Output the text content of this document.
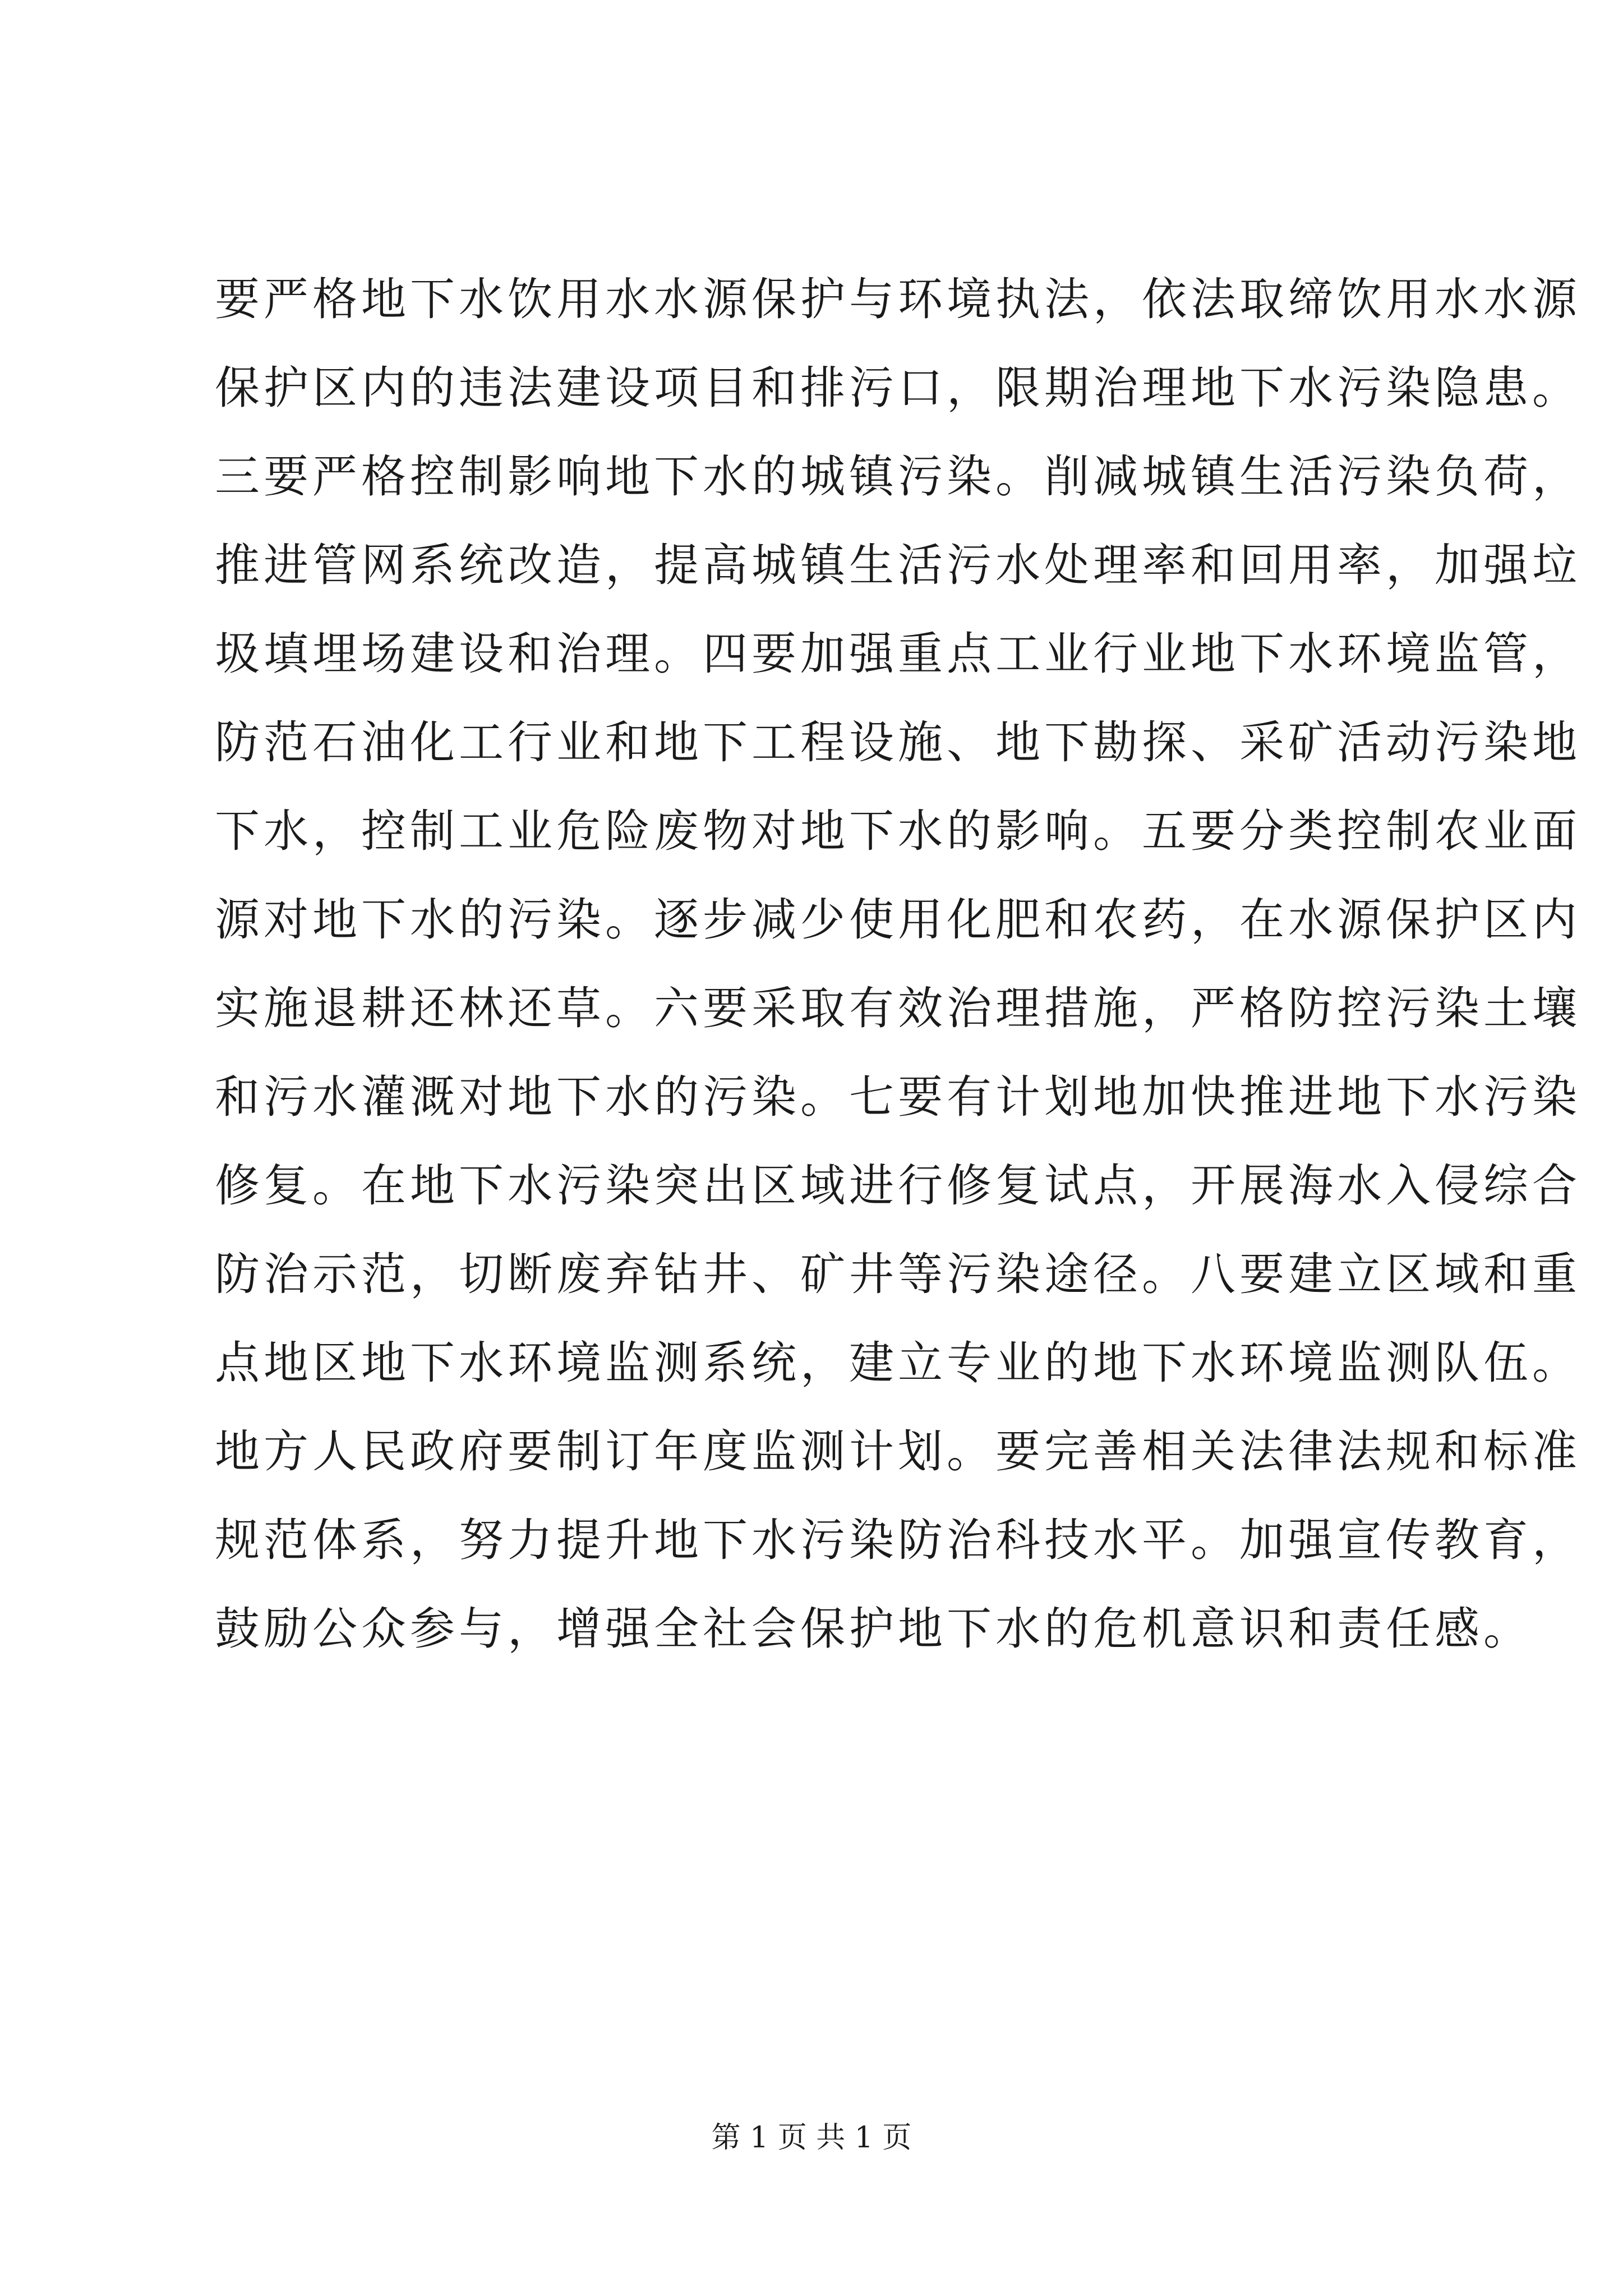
要严格地下水饮用水水源保护与环境执法，依法取缔饮用水水源
保护区内的违法建设项目和排污口，限期治理地下水污染隐患。
三要严格控制影响地下水的城镇污染。削减城镇生活污染负荷，
推进管网系统改造，提高城镇生活污水处理率和回用率，加强垃
圾填埋场建设和治理。四要加强重点工业行业地下水环境监管，
防范石油化工行业和地下工程设施、地下勘探、采矿活动污染地
下水，控制工业危险废物对地下水的影响。五要分类控制农业面
源对地下水的污染。逐步减少使用化肥和农药，在水源保护区内
实施退耕还林还草。六要采取有效治理措施，严格防控污染土壤
和污水灌溉对地下水的污染。七要有计划地加快推进地下水污染
修复。在地下水污染突出区域进行修复试点，开展海水入侵综合
防治示范，切断废弃钻井、矿井等污染途径。八要建立区域和重
点地区地下水环境监测系统，建立专业的地下水环境监测队伍。
地方人民政府要制订年度监测计划。要完善相关法律法规和标准
规范体系，努力提升地下水污染防治科技水平。加强宣传教育，
鼓励公众参与，增强全社会保护地下水的危机意识和责任感。
第 1 页 共 1 页
